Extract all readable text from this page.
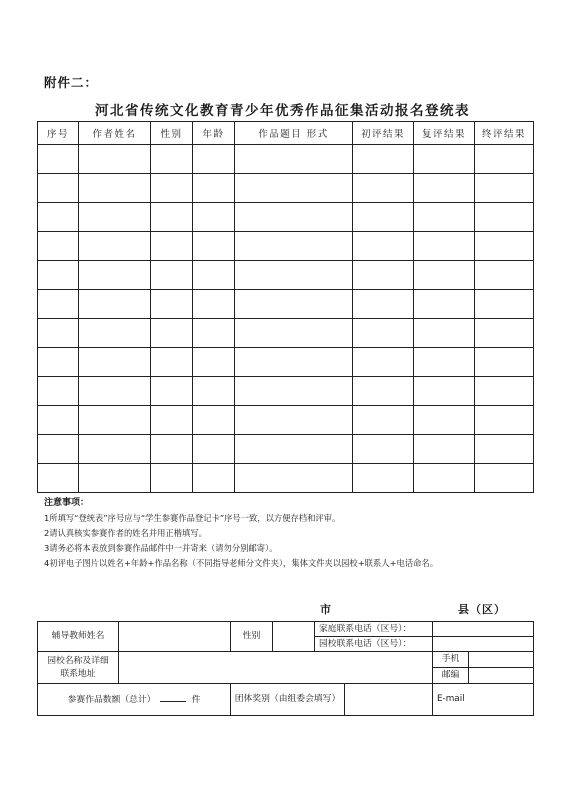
附件二：
河北省传统文化教育青少年优秀作品征集活动报名登统表
序号	作者姓名	性别	年龄	作品题目 形式	初评结果	复评结果	终评结果

注意事项：
1所填写“登统表”序号应与“学生参赛作品登记卡”序号一致，以方便存档和评审。
2请认真核实参赛作者的姓名并用正楷填写。
3请务必将本表放到参赛作品邮件中一并寄来（请勿分别邮寄）。
4初评电子图片以姓名+年龄+作品名称（不同指导老师分文件夹），集体文件夹以园校+联系人+电话命名。
市	县（区）
辅导教师姓名		性别		家庭联系电话（区号）：			
				园校联系电话（区号）：			

园校名称及详细
联系地址						手机	
						邮编	
参赛作品数额（总计） 件		团体奖别（由组委会填写）				E-mail	
